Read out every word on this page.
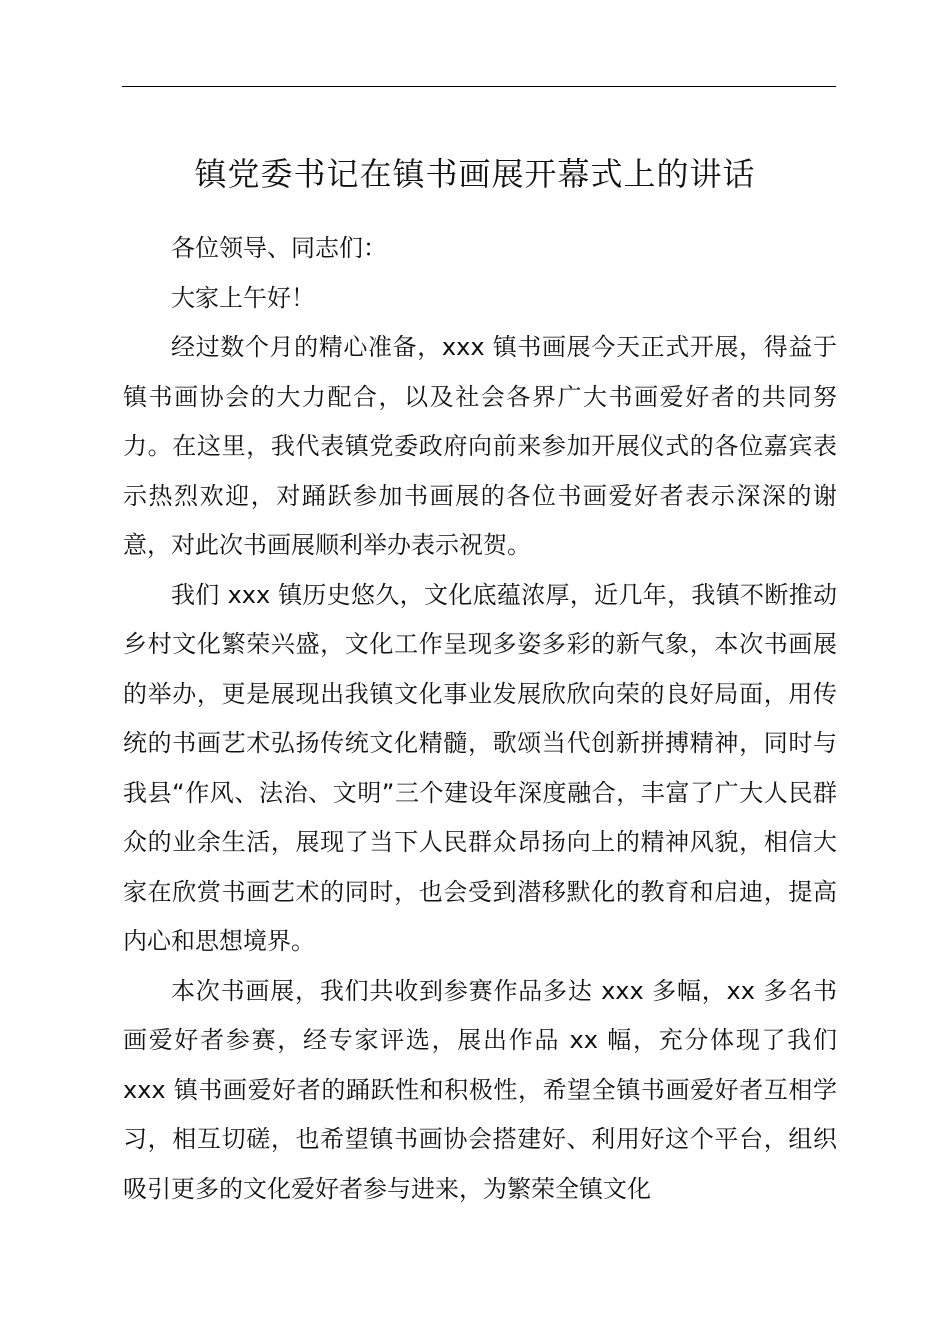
镇党委书记在镇书画展开幕式上的讲话

各位领导、同志们：

大家上午好！

经过数个月的精心准备，xxx 镇书画展今天正式开展，得益于镇书画协会的大力配合，以及社会各界广大书画爱好者的共同努力。在这里，我代表镇党委政府向前来参加开展仪式的各位嘉宾表示热烈欢迎，对踊跃参加书画展的各位书画爱好者表示深深的谢意，对此次书画展顺利举办表示祝贺。

我们 xxx 镇历史悠久，文化底蕴浓厚，近几年，我镇不断推动乡村文化繁荣兴盛，文化工作呈现多姿多彩的新气象，本次书画展的举办，更是展现出我镇文化事业发展欣欣向荣的良好局面，用传统的书画艺术弘扬传统文化精髓，歌颂当代创新拼搏精神，同时与我县“作风、法治、文明”三个建设年深度融合，丰富了广大人民群众的业余生活，展现了当下人民群众昂扬向上的精神风貌，相信大家在欣赏书画艺术的同时，也会受到潜移默化的教育和启迪，提高内心和思想境界。

本次书画展，我们共收到参赛作品多达 xxx 多幅，xx 多名书画爱好者参赛，经专家评选，展出作品 xx 幅，充分体现了我们 xxx 镇书画爱好者的踊跃性和积极性，希望全镇书画爱好者互相学习，相互切磋，也希望镇书画协会搭建好、利用好这个平台，组织吸引更多的文化爱好者参与进来，为繁荣全镇文化
